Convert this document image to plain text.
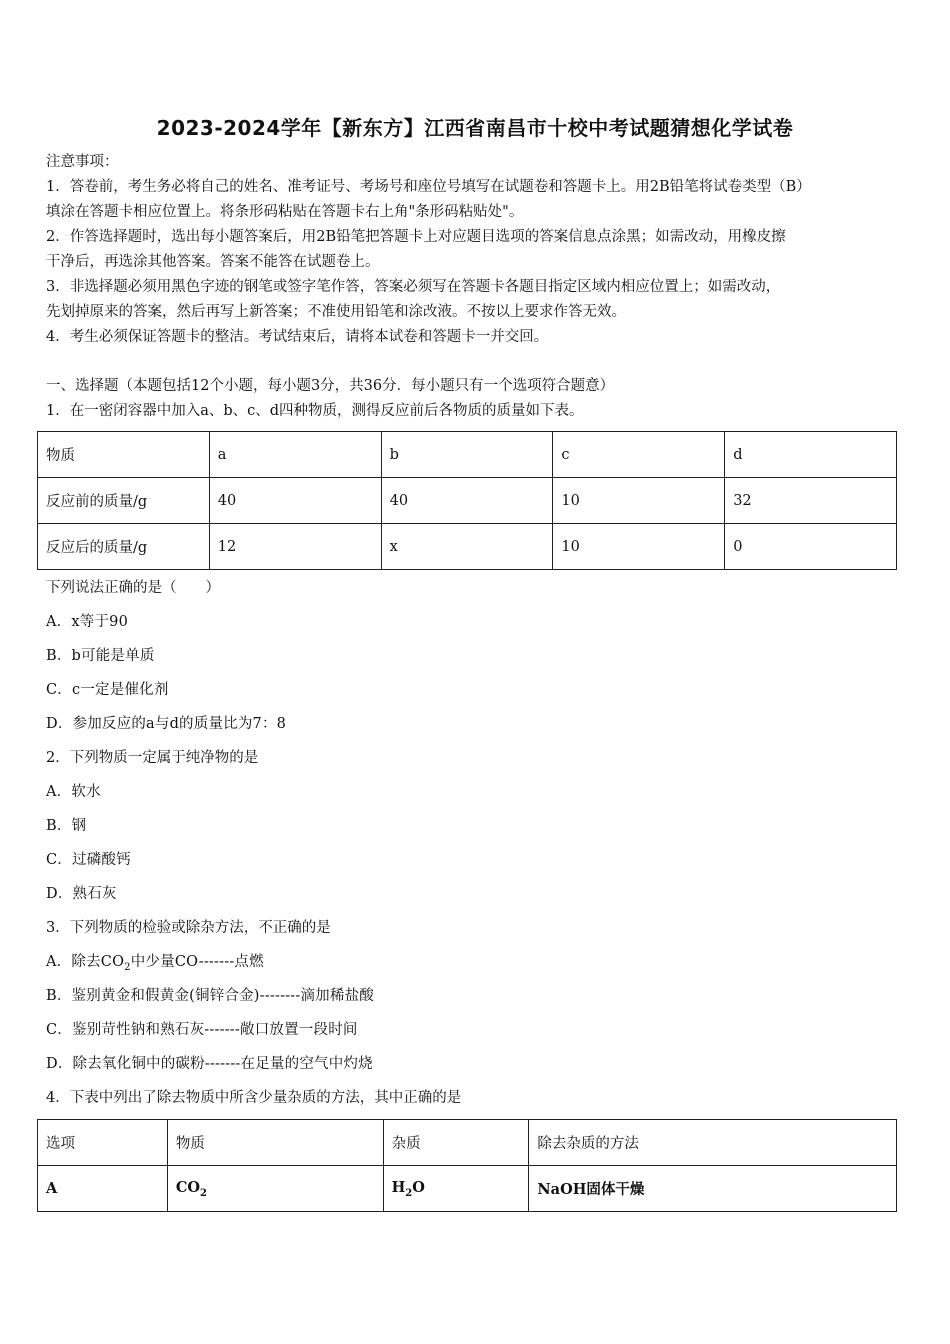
2023-2024学年【新东方】江西省南昌市十校中考试题猜想化学试卷
注意事项：
1．答卷前，考生务必将自己的姓名、准考证号、考场号和座位号填写在试题卷和答题卡上。用2B铅笔将试卷类型（B）
填涂在答题卡相应位置上。将条形码粘贴在答题卡右上角"条形码粘贴处"。
2．作答选择题时，选出每小题答案后，用2B铅笔把答题卡上对应题目选项的答案信息点涂黑；如需改动，用橡皮擦
干净后，再选涂其他答案。答案不能答在试题卷上。
3．非选择题必须用黑色字迹的钢笔或签字笔作答，答案必须写在答题卡各题目指定区域内相应位置上；如需改动，
先划掉原来的答案，然后再写上新答案；不准使用铅笔和涂改液。不按以上要求作答无效。
4．考生必须保证答题卡的整洁。考试结束后，请将本试卷和答题卡一并交回。
一、选择题（本题包括12个小题，每小题3分，共36分．每小题只有一个选项符合题意）
1．在一密闭容器中加入a、b、c、d四种物质，测得反应前后各物质的质量如下表。
物质	a	b	c	d
反应前的质量/g	40	40	10	32
反应后的质量/g	12	x	10	0
下列说法正确的是（　　）
A．x等于90
B．b可能是单质
C．c一定是催化剂
D．参加反应的a与d的质量比为7：8
2．下列物质一定属于纯净物的是
A．软水
B．钢
C．过磷酸钙
D．熟石灰
3．下列物质的检验或除杂方法，不正确的是
A．除去$CO_2$中少量CO-------点燃
B．鉴别黄金和假黄金(铜锌合金)--------滴加稀盐酸
C．鉴别苛性钠和熟石灰-------敞口放置一段时间
D．除去氧化铜中的碳粉-------在足量的空气中灼烧
4．下表中列出了除去物质中所含少量杂质的方法，其中正确的是
选项	物质	杂质	除去杂质的方法
A	$CO_2$	$H_2O$	NaOH固体干燥
